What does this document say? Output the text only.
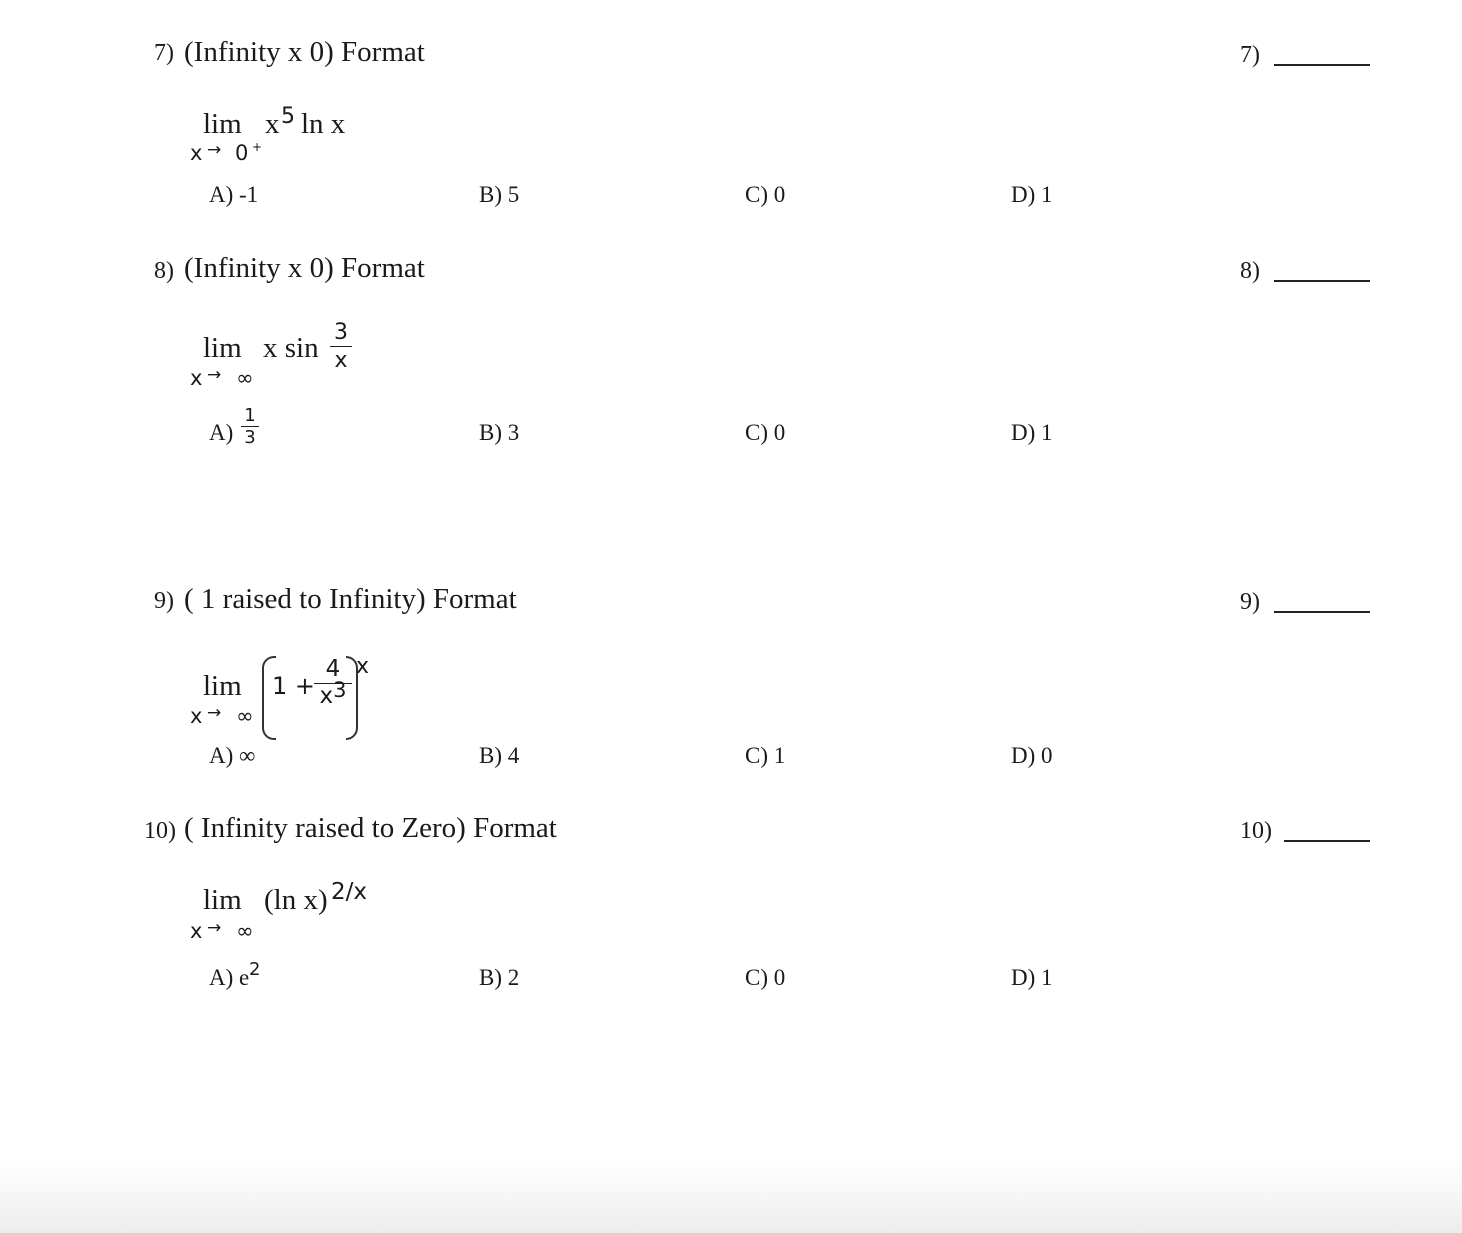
7) (Infinity x 0) Format	7)
lim
x → 0 +
x 5 ln x
A) -1	B) 5	C) 0	D) 1
8) (Infinity x 0) Format	8)
lim
x → ∞
x sin 3
x
A)
1
3	B) 3	C) 0	D) 1
9) ( 1 raised to Infinity) Format	9)
lim
x → ∞
1 +
4
x3
x
A) ∞	B) 4	C) 1	D) 0
10) ( Infinity raised to Zero) Format	10)
lim
x → ∞
(ln x) 2/x
A) e 2	B) 2	C) 0	D) 1
